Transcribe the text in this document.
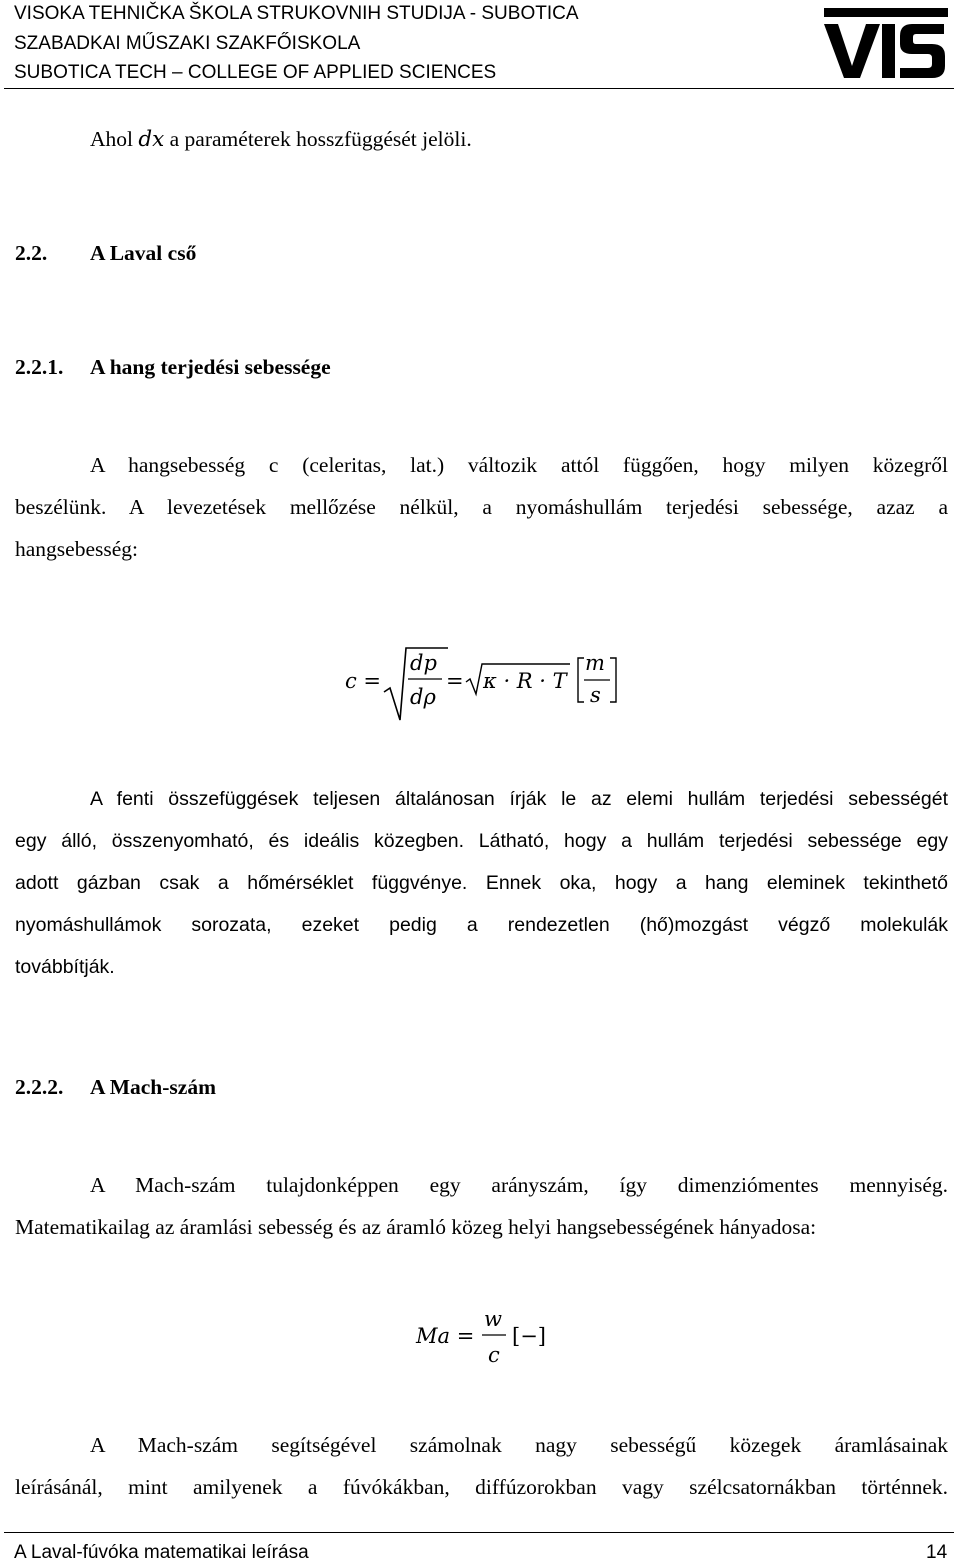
VISOKA TEHNIČKA ŠKOLA STRUKOVNIH STUDIJA - SUBOTICA
SZABADKAI MŰSZAKI SZAKFŐISKOLA
SUBOTICA TECH – COLLEGE OF APPLIED SCIENCES
Ahol dx a paraméterek hosszfüggését jelöli.
2.2. A Laval cső
2.2.1. A hang terjedési sebessége
A hangsebesség c (celeritas, lat.) változik attól függően, hogy milyen közegről
beszélünk. A levezetések mellőzése nélkül, a nyomáshullám terjedési sebessége, azaz a
hangsebesség:
c =
dp
dρ
= κ · R · T
m
s
A fenti összefüggések teljesen általánosan írják le az elemi hullám terjedési sebességét
egy álló, összenyomható, és ideális közegben. Látható, hogy a hullám terjedési sebessége egy
adott gázban csak a hőmérséklet függvénye. Ennek oka, hogy a hang eleminek tekinthető
nyomáshullámok sorozata, ezeket pedig a rendezetlen (hő)mozgást végző molekulák
továbbítják.
2.2.2. A Mach-szám
A Mach-szám tulajdonképpen egy arányszám, így dimenziómentes mennyiség.
Matematikailag az áramlási sebesség és az áramló közeg helyi hangsebességének hányadosa:
Ma =
w
c
[−]
A Mach-szám segítségével számolnak nagy sebességű közegek áramlásainak
leírásánál, mint amilyenek a fúvókákban, diffúzorokban vagy szélcsatornákban történnek.
A Laval-fúvóka matematikai leírása	14
